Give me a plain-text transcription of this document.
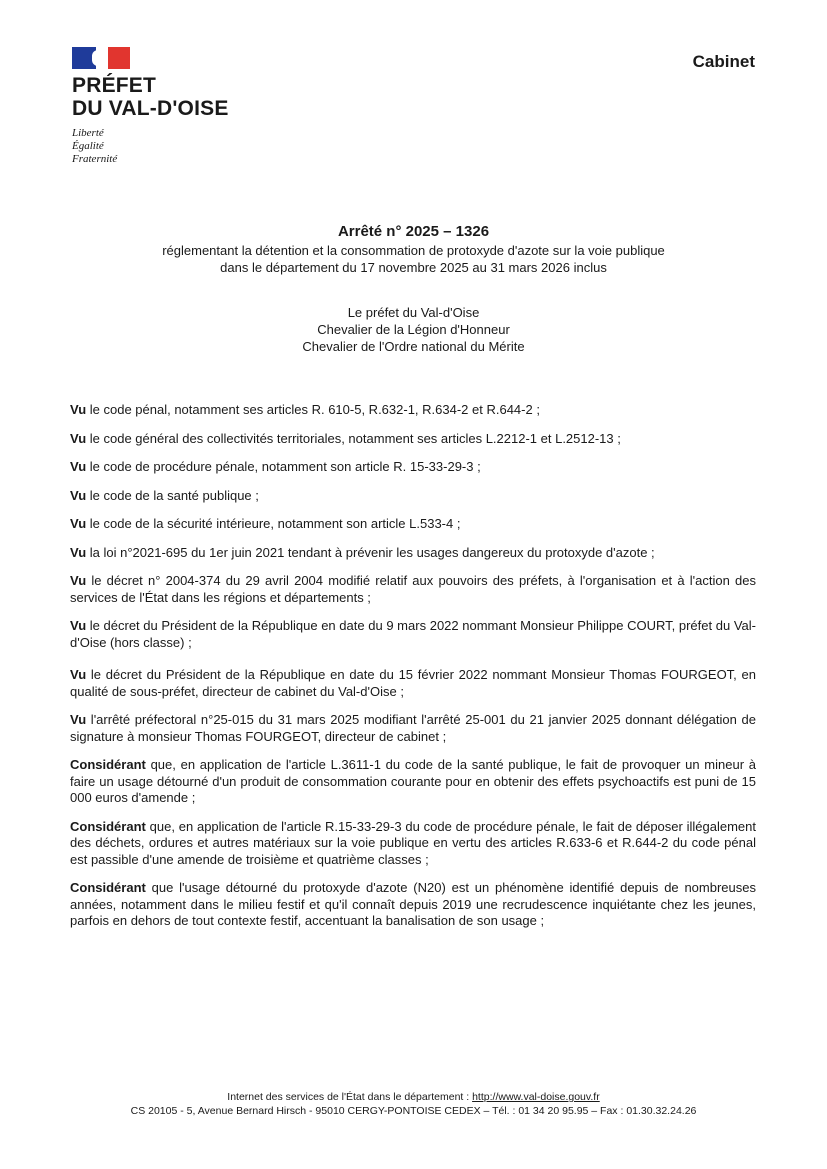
PRÉFET
DU VAL-D'OISE
Liberté
Égalité
Fraternité
Cabinet
Arrêté n° 2025 – 1326
réglementant la détention et la consommation de protoxyde d'azote sur la voie publique
dans le département du 17 novembre 2025 au 31 mars 2026 inclus
Le préfet du Val-d'Oise
Chevalier de la Légion d'Honneur
Chevalier de l'Ordre national du Mérite

Vu le code pénal, notamment ses articles R. 610-5, R.632-1, R.634-2 et R.644-2 ;

Vu le code général des collectivités territoriales, notamment ses articles L.2212-1 et L.2512-13 ;

Vu le code de procédure pénale, notamment son article R. 15-33-29-3 ;

Vu le code de la santé publique ;

Vu le code de la sécurité intérieure, notamment son article L.533-4 ;

Vu la loi n°2021-695 du 1er juin 2021 tendant à prévenir les usages dangereux du protoxyde d'azote ;

Vu le décret n° 2004-374 du 29 avril 2004 modifié relatif aux pouvoirs des préfets, à l'organisation et à l'action des services de l'État dans les régions et départements ;

Vu le décret du Président de la République en date du 9 mars 2022 nommant Monsieur Philippe COURT, préfet du Val-d'Oise (hors classe) ;

Vu le décret du Président de la République en date du 15 février 2022 nommant Monsieur Thomas FOURGEOT, en qualité de sous-préfet, directeur de cabinet du Val-d'Oise ;

Vu l'arrêté préfectoral n°25-015 du 31 mars 2025 modifiant l'arrêté 25-001 du 21 janvier 2025 donnant délégation de signature à monsieur Thomas FOURGEOT, directeur de cabinet ;

Considérant que, en application de l'article L.3611-1 du code de la santé publique, le fait de provoquer un mineur à faire un usage détourné d'un produit de consommation courante pour en obtenir des effets psychoactifs est puni de 15 000 euros d'amende ;

Considérant que, en application de l'article R.15-33-29-3 du code de procédure pénale, le fait de déposer illégalement des déchets, ordures et autres matériaux sur la voie publique en vertu des articles R.633-6 et R.644-2 du code pénal est passible d'une amende de troisième et quatrième classes ;

Considérant que l'usage détourné du protoxyde d'azote (N20) est un phénomène identifié depuis de nombreuses années, notamment dans le milieu festif et qu'il connaît depuis 2019 une recrudescence inquiétante chez les jeunes, parfois en dehors de tout contexte festif, accentuant la banalisation de son usage ;

Internet des services de l'État dans le département : http://www.val-doise.gouv.fr
CS 20105 - 5, Avenue Bernard Hirsch - 95010 CERGY-PONTOISE CEDEX – Tél. : 01 34 20 95.95 – Fax : 01.30.32.24.26
